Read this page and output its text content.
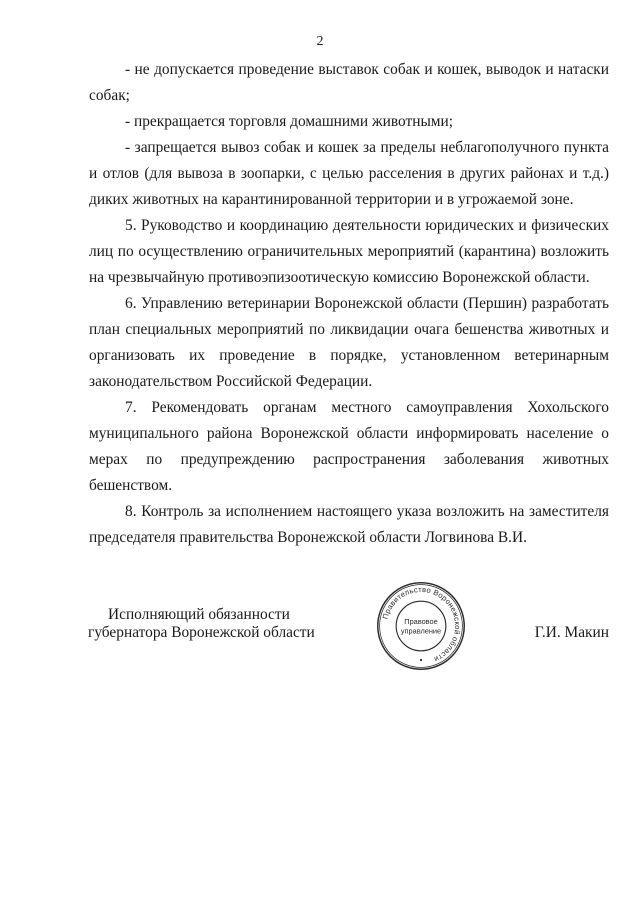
2

- не допускается проведение выставок собак и кошек, выводок и натаски собак;

- прекращается торговля домашними животными;

- запрещается вывоз собак и кошек за пределы неблагополучного пункта и отлов (для вывоза в зоопарки, с целью расселения в других районах и т.д.) диких животных на карантинированной территории и в угрожаемой зоне.

5. Руководство и координацию деятельности юридических и физических лиц по осуществлению ограничительных мероприятий (карантина) возложить на чрезвычайную противоэпизоотическую комиссию Воронежской области.

6. Управлению ветеринарии Воронежской области (Першин) разработать план специальных мероприятий по ликвидации очага бешенства животных и организовать их проведение в порядке, установленном ветеринарным законодательством Российской Федерации.

7. Рекомендовать органам местного самоуправления Хохольского муниципального района Воронежской области информировать население о мерах по предупреждению распространения заболевания животных бешенством.

8. Контроль за исполнением настоящего указа возложить на заместителя председателя правительства Воронежской области Логвинова В.И.

Исполняющий обязанности
губернатора Воронежской области
Правительство Воронежской области
Правовое
управление	Г.И. Макин
